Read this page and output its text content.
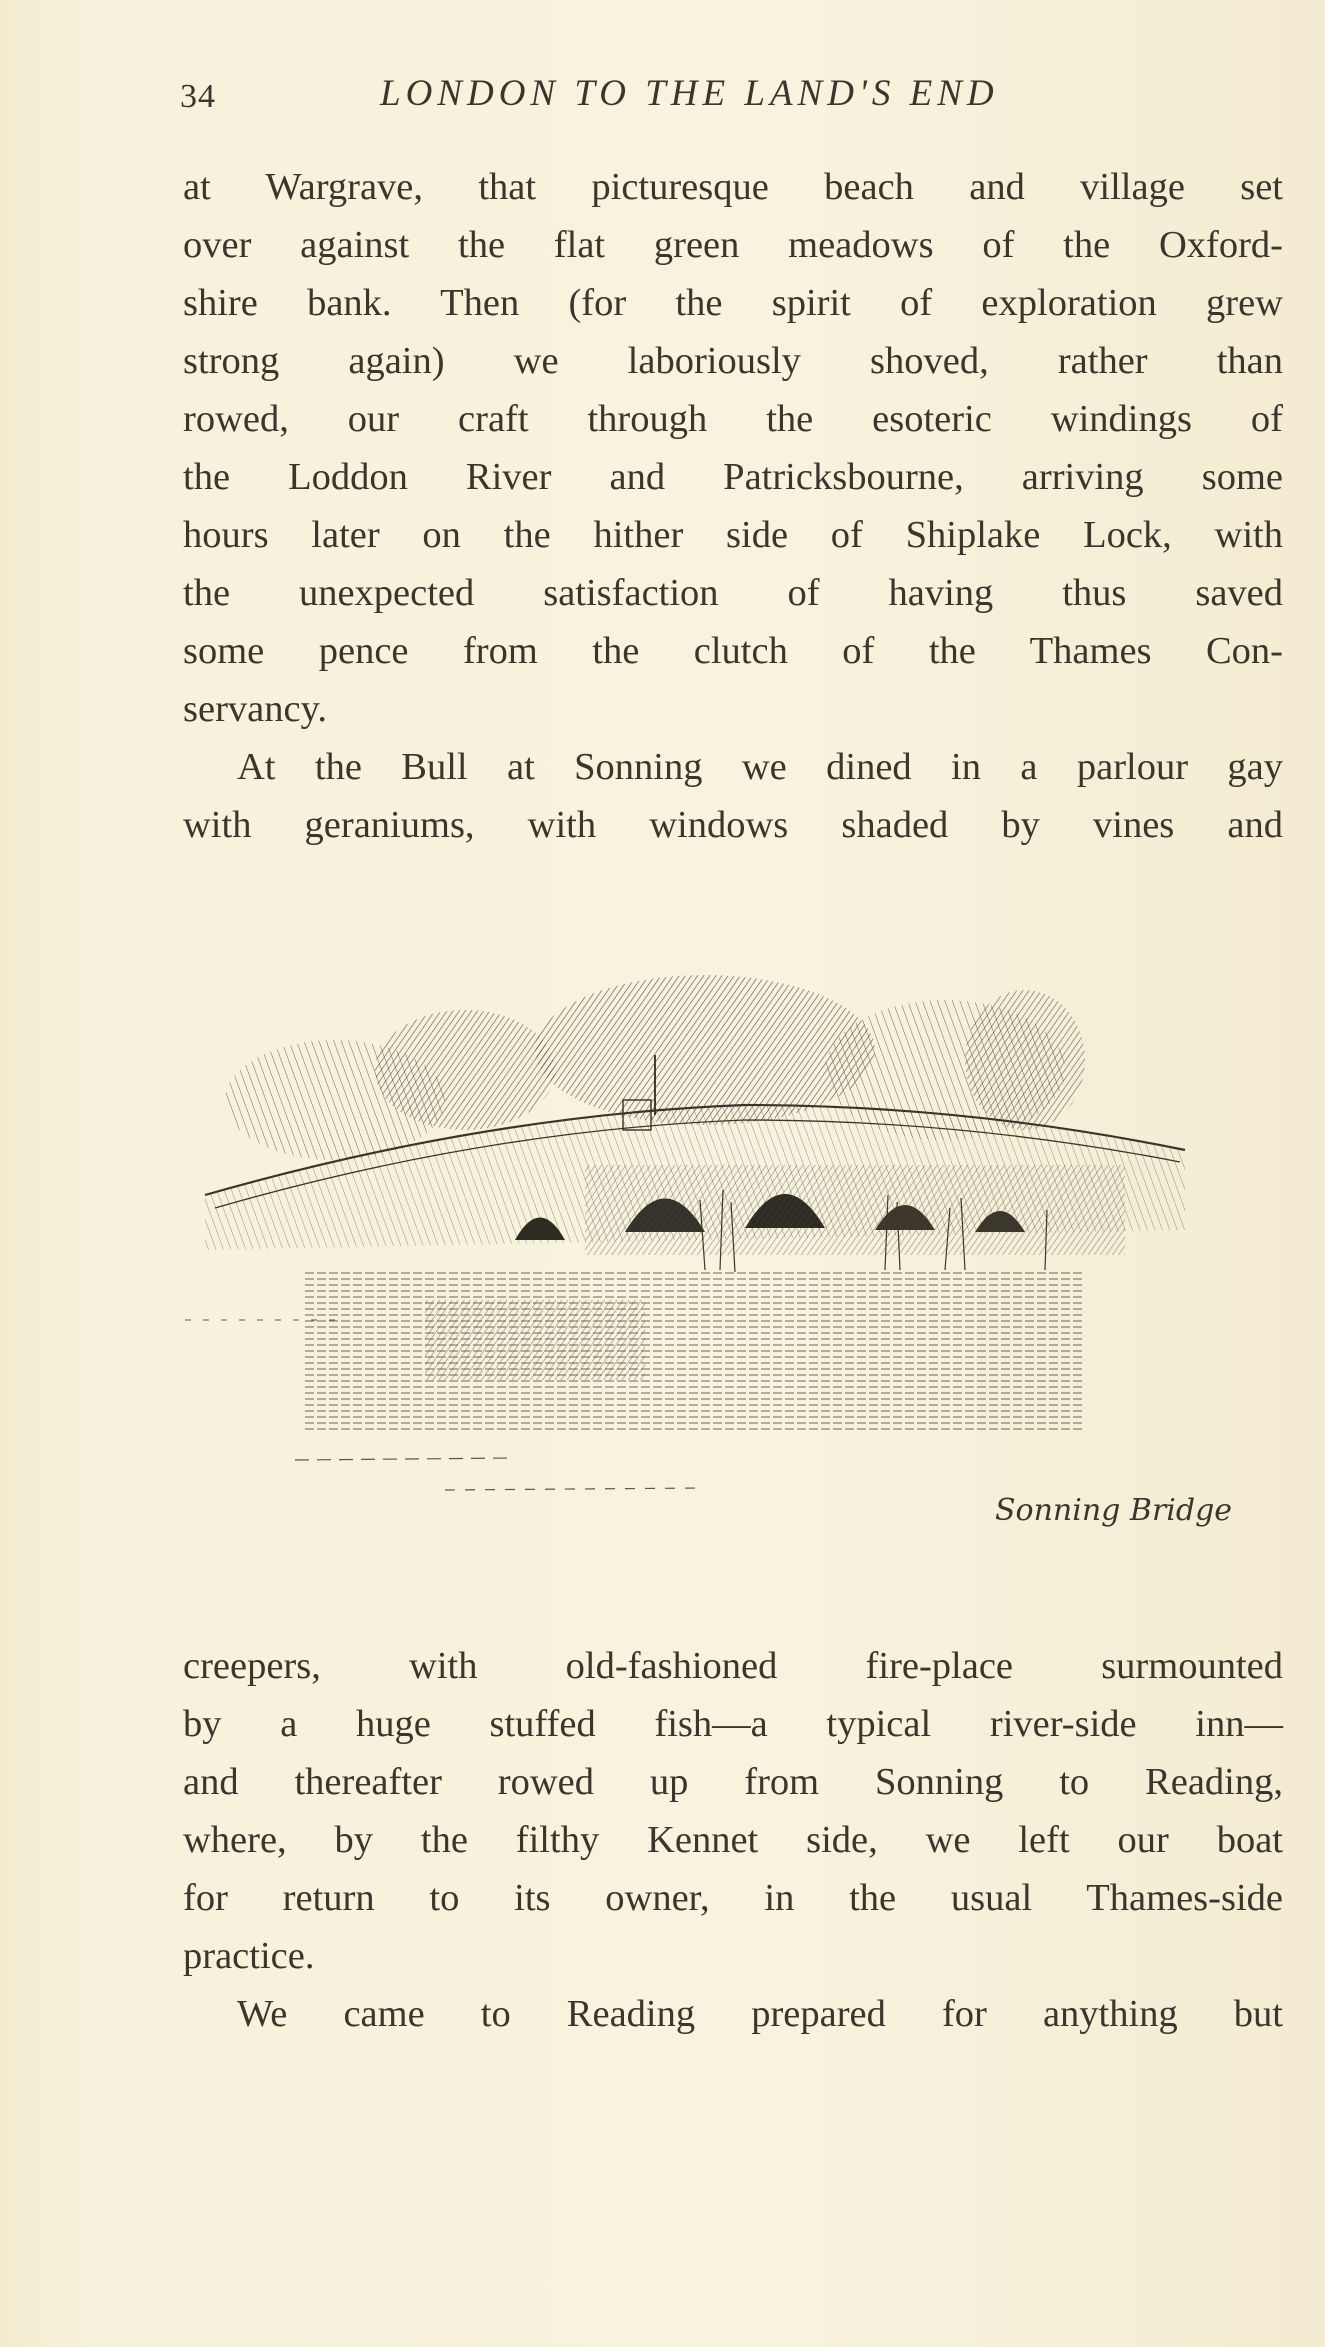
34	LONDON TO THE LAND'S END
at Wargrave, that picturesque beach and village set
over against the flat green meadows of the Oxford-
shire bank. Then (for the spirit of exploration grew
strong again) we laboriously shoved, rather than
rowed, our craft through the esoteric windings of
the Loddon River and Patricksbourne, arriving some
hours later on the hither side of Shiplake Lock, with
the unexpected satisfaction of having thus saved
some pence from the clutch of the Thames Con-
servancy.
At the Bull at Sonning we dined in a parlour gay
with geraniums, with windows shaded by vines and
Sonning Bridge
creepers, with old-fashioned fire-place surmounted
by a huge stuffed fish—a typical river-side inn—
and thereafter rowed up from Sonning to Reading,
where, by the filthy Kennet side, we left our boat
for return to its owner, in the usual Thames-side
practice.
We came to Reading prepared for anything but
